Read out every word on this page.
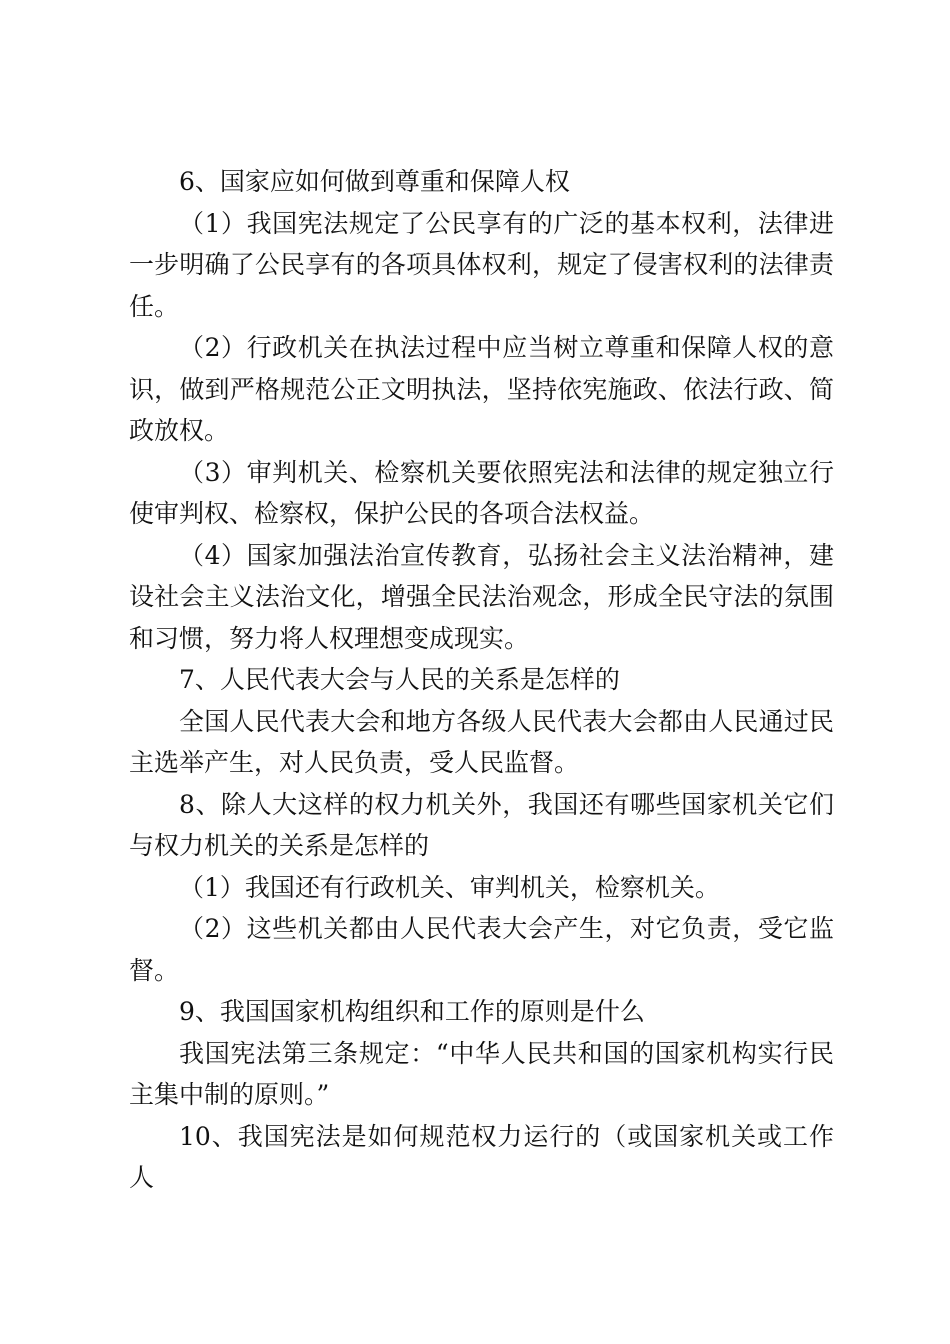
6、国家应如何做到尊重和保障人权

（1）我国宪法规定了公民享有的广泛的基本权利，法律进一步明确了公民享有的各项具体权利，规定了侵害权利的法律责任。

（2）行政机关在执法过程中应当树立尊重和保障人权的意识，做到严格规范公正文明执法，坚持依宪施政、依法行政、简政放权。

（3）审判机关、检察机关要依照宪法和法律的规定独立行使审判权、检察权，保护公民的各项合法权益。

（4）国家加强法治宣传教育，弘扬社会主义法治精神，建设社会主义法治文化，增强全民法治观念，形成全民守法的氛围和习惯，努力将人权理想变成现实。

7、人民代表大会与人民的关系是怎样的

全国人民代表大会和地方各级人民代表大会都由人民通过民主选举产生，对人民负责，受人民监督。

8、除人大这样的权力机关外，我国还有哪些国家机关它们与权力机关的关系是怎样的

（1）我国还有行政机关、审判机关，检察机关。

（2）这些机关都由人民代表大会产生，对它负责，受它监督。

9、我国国家机构组织和工作的原则是什么

我国宪法第三条规定：“中华人民共和国的国家机构实行民主集中制的原则。”

10、我国宪法是如何规范权力运行的（或国家机关或工作人
